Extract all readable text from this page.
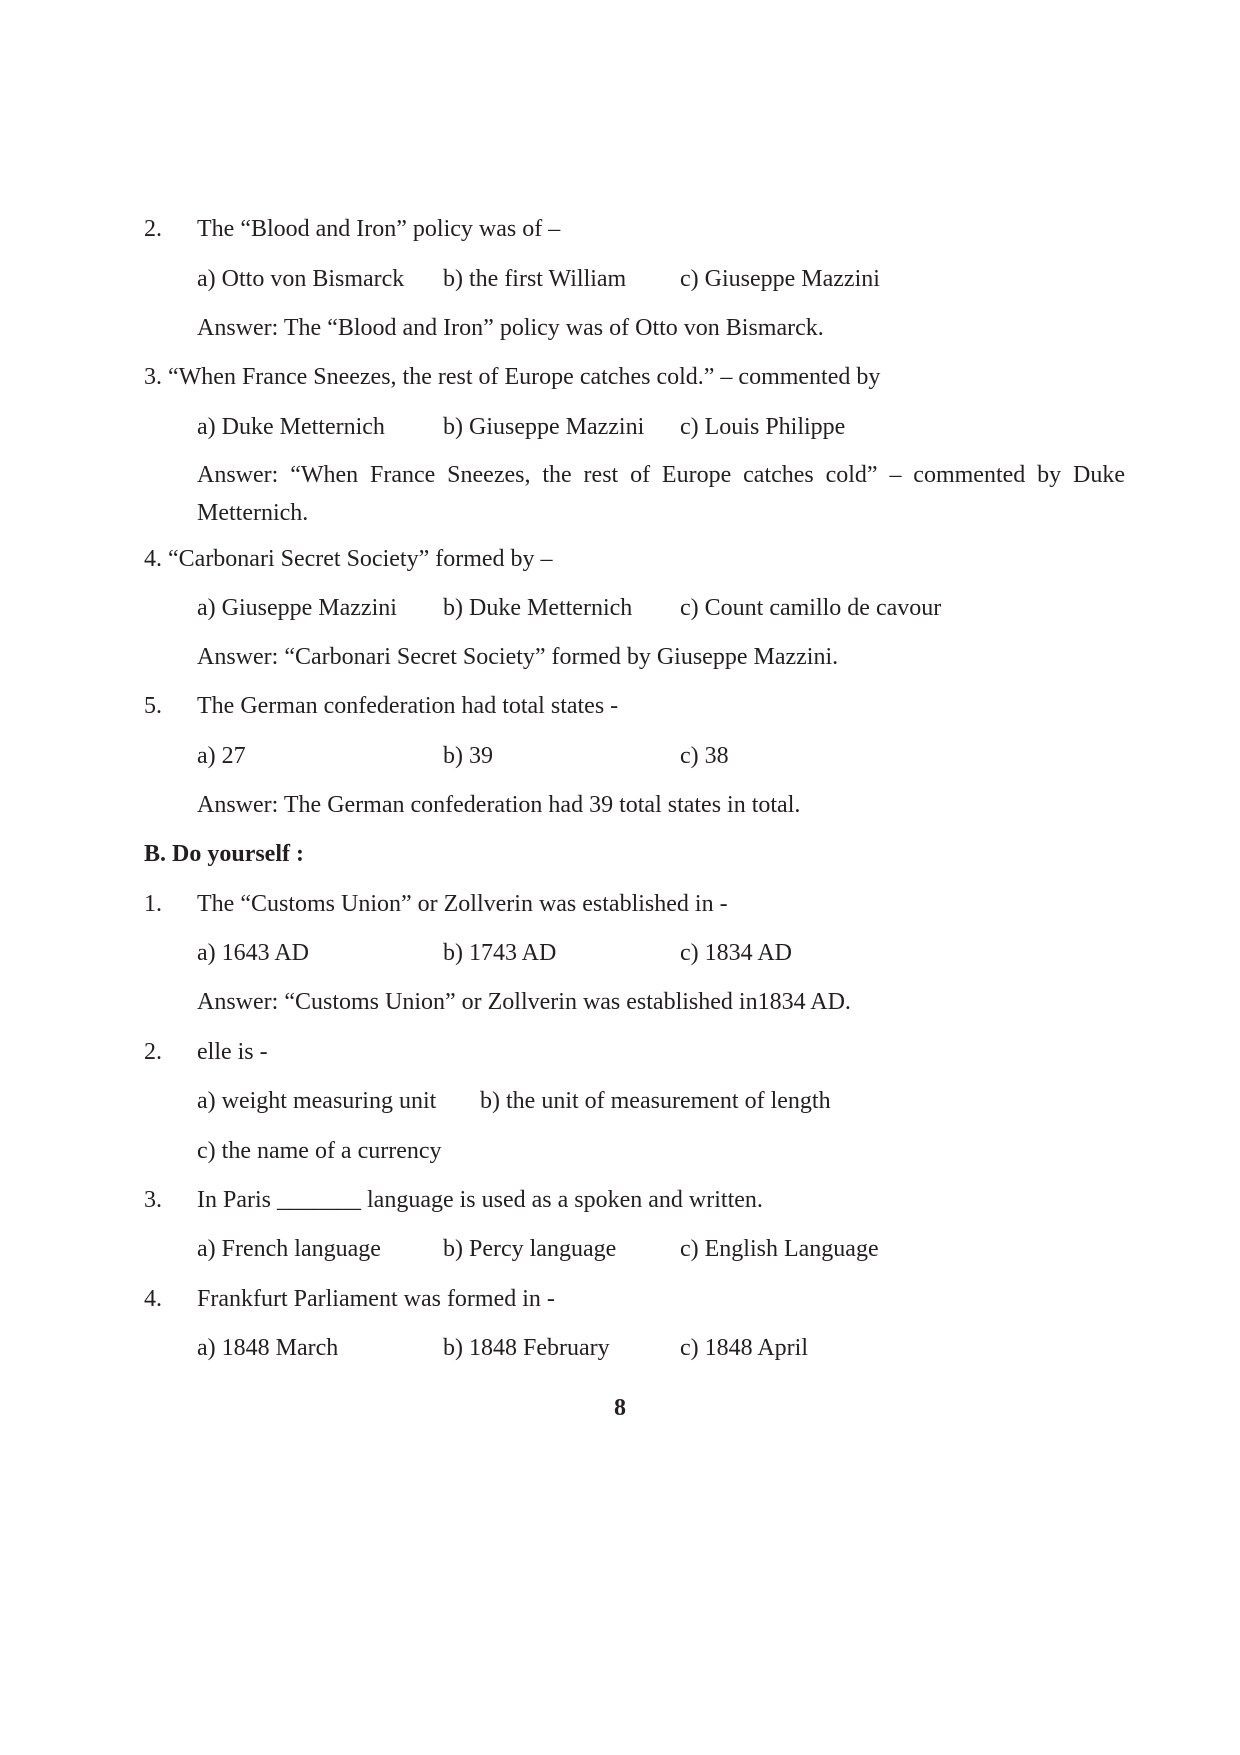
2. The “Blood and Iron” policy was of –
a) Otto von Bismarck b) the first William c) Giuseppe Mazzini
Answer: The “Blood and Iron” policy was of Otto von Bismarck.
3. “When France Sneezes, the rest of Europe catches cold.” – commented by
a) Duke Metternich b) Giuseppe Mazzini c) Louis Philippe
Answer: “When France Sneezes, the rest of Europe catches cold” – commented by Duke Metternich.
4. “Carbonari Secret Society” formed by –
a) Giuseppe Mazzini b) Duke Metternich c) Count camillo de cavour
Answer: “Carbonari Secret Society” formed by Giuseppe Mazzini.
5. The German confederation had total states -
a) 27	b) 39	c) 38
Answer: The German confederation had 39 total states in total.
B. Do yourself :
1. The “Customs Union” or Zollverin was established in -
a) 1643 AD	b) 1743 AD	c) 1834 AD
Answer: “Customs Union” or Zollverin was established in1834 AD.
2. elle is -
a) weight measuring unit b) the unit of measurement of length
c) the name of a currency
3. In Paris _______ language is used as a spoken and written.
a) French language	b) Percy language	c) English Language
4. Frankfurt Parliament was formed in -
a) 1848 March	b) 1848 February	c) 1848 April
8
